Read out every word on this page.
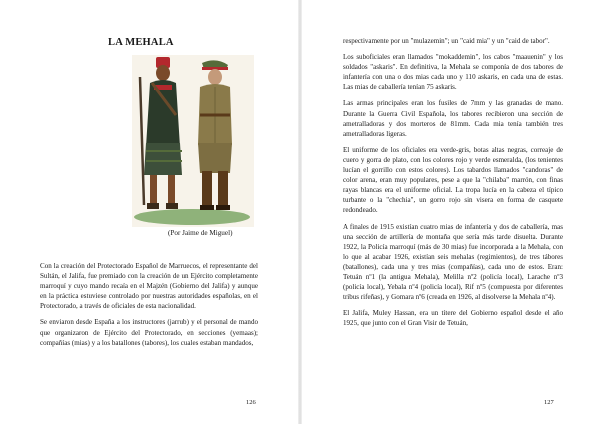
LA MEHALA
(Por Jaime de Miguel)

Con la creación del Protectorado Español de Marruecos, el representante del Sultán, el Jalifa, fue premiado con la creación de un Ejército completamente marroquí y cuyo mando recaía en el Majzén (Gobierno del Jalifa) y aunque en la práctica estuviese controlado por nuestras autoridades españolas, en el Protectorado, a través de oficiales de esta nacionalidad.

Se enviaron desde España a los instructores (jarrub) y el personal de mando que organizaron de Ejército del Protectorado, en secciones (yemaas); compañías (mias) y a los batallones (tabores), los cuales estaban mandados,

126

respectivamente por un "mulazemin"; un "caid mia" y un "caid de tabor".

Los suboficiales eran llamados "mokaddemin", los cabos "maauenin" y los soldados "askaris". En definitiva, la Mehala se componía de dos tabores de infantería con una o dos mias cada uno y 110 askaris, en cada una de estas. Las mias de caballería tenían 75 askaris.

Las armas principales eran los fusiles de 7mm y las granadas de mano. Durante la Guerra Civil Española, los tabores recibieron una sección de ametralladoras y dos morteros de 81mm. Cada mia tenía también tres ametralladoras ligeras.

El uniforme de los oficiales era verde-gris, botas altas negras, correaje de cuero y gorra de plato, con los colores rojo y verde esmeralda, (los tenientes lucían el gorrillo con estos colores). Los tabardos llamados "candoras" de color arena, eran muy populares, pese a que la "chilaba" marrón, con finas rayas blancas era el uniforme oficial. La tropa lucía en la cabeza el típico turbante o la "chechia", un gorro rojo sin visera en forma de casquete redondeado.

A finales de 1915 existían cuatro mias de infantería y dos de caballería, mas una sección de artillería de montaña que sería más tarde disuelta. Durante 1922, la Policía marroquí (más de 30 mias) fue incorporada a la Mehala, con lo que al acabar 1926, existían seis mehalas (regimientos), de tres tábores (batallones), cada una y tres mias (compañías), cada uno de estos. Eran: Tetuán nº1 (la antigua Mehala), Melilla nº2 (policía local), Larache nº3 (policía local), Yebala nº4 (policía local), Rif nº5 (compuesta por diferentes tribus rifeñas), y Gomara nº6 (creada en 1926, al disolverse la Mehala nº4).

El Jalifa, Muley Hassan, era un títere del Gobierno español desde el año 1925, que junto con el Gran Visir de Tetuán,

127
